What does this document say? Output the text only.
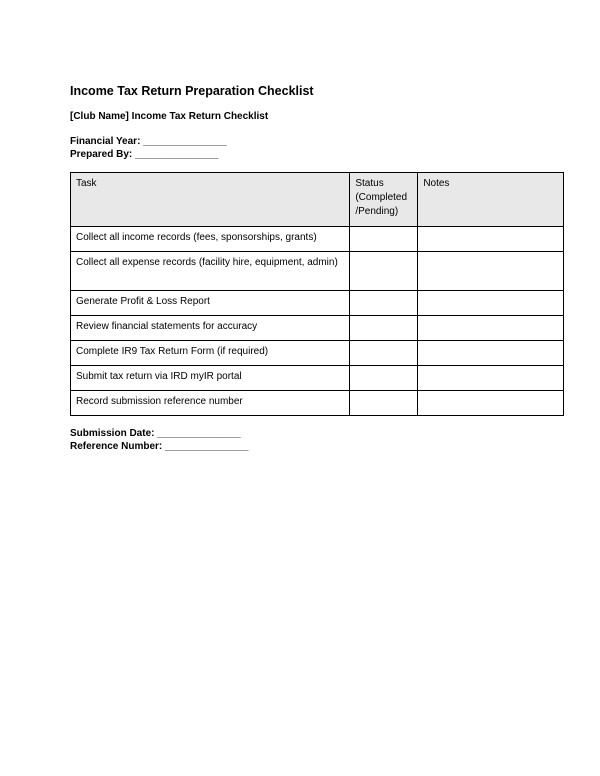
Income Tax Return Preparation Checklist
[Club Name] Income Tax Return Checklist
Financial Year: _______________
Prepared By: _______________
Task	Status (Completed /Pending)	Notes
Collect all income records (fees, sponsorships, grants)		
Collect all expense records (facility hire, equipment, admin)		
Generate Profit & Loss Report		
Review financial statements for accuracy		
Complete IR9 Tax Return Form (if required)		
Submit tax return via IRD myIR portal		
Record submission reference number		
Submission Date: _______________
Reference Number: _______________
